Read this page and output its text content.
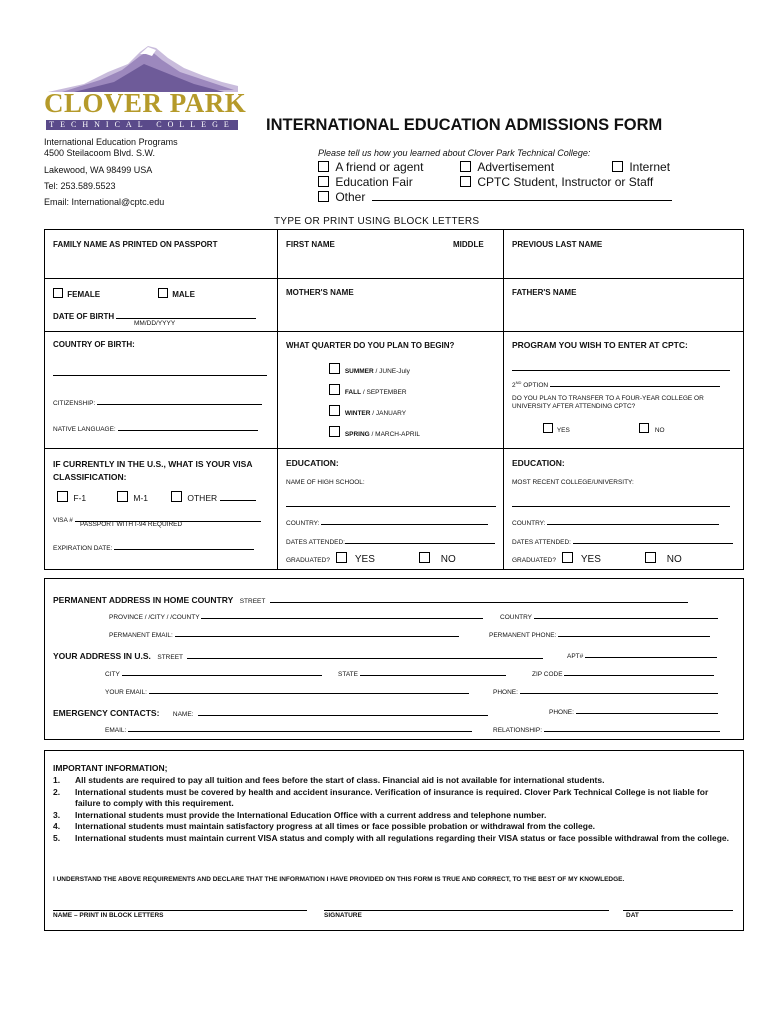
CLOVER PARK
TECHNICAL COLLEGE
International Education Programs
4500 Steilacoom Blvd. S.W.
Lakewood, WA 98499 USA
Tel: 253.589.5523
Email: International@cptc.edu
INTERNATIONAL EDUCATION ADMISSIONS FORM
Please tell us how you learned about Clover Park Technical College:
A friend or agent
Education Fair
Other
Advertisement
CPTC Student, Instructor or Staff
Internet
TYPE OR PRINT USING BLOCK LETTERS
FAMILY NAME AS PRINTED ON PASSPORT	FIRST NAME	MIDDLE	PREVIOUS LAST NAME
FEMALE	MALE
DATE OF BIRTH
MM/DD/YYYY
MOTHER'S NAME	FATHER'S NAME
COUNTRY OF BIRTH:
CITIZENSHIP:
NATIVE LANGUAGE:
WHAT QUARTER DO YOU PLAN TO BEGIN?
SUMMER / JUNE-July
FALL / SEPTEMBER
WINTER / JANUARY
SPRING / MARCH-APRIL
PROGRAM YOU WISH TO ENTER AT CPTC:
2ND OPTION
DO YOU PLAN TO TRANSFER TO A FOUR-YEAR COLLEGE OR UNIVERSITY AFTER ATTENDING CPTC?
YES	NO
IF CURRENTLY IN THE U.S., WHAT IS YOUR VISA CLASSIFICATION:
F-1	M-1	OTHER
VISA #
PASSPORT WITH I-94 REQUIRED
EXPIRATION DATE:
EDUCATION:
NAME OF HIGH SCHOOL:
COUNTRY:
DATES ATTENDED:
GRADUATED? YES	NO
EDUCATION:
MOST RECENT COLLEGE/UNIVERSITY:
COUNTRY:
DATES ATTENDED:
GRADUATED? YES	NO
PERMANENT ADDRESS IN HOME COUNTRY STREET
PROVINCE / /CITY / /COUNTY	COUNTRY
PERMANENT EMAIL:	PERMANENT PHONE:
YOUR ADDRESS IN U.S. STREET	APT#
CITY	STATE	ZIP CODE
YOUR EMAIL:	PHONE:
EMERGENCY CONTACTS: NAME:	PHONE:
EMAIL:	RELATIONSHIP:
IMPORTANT INFORMATION;
1.	All students are required to pay all tuition and fees before the start of class. Financial aid is not available for international students.
2.	International students must be covered by health and accident insurance. Verification of insurance is required. Clover Park Technical College is not liable for failure to comply with this requirement.
3.	International students must provide the International Education Office with a current address and telephone number.
4.	International students must maintain satisfactory progress at all times or face possible probation or withdrawal from the college.
5.	International students must maintain current VISA status and comply with all regulations regarding their VISA status or face possible withdrawal from the college.
I UNDERSTAND THE ABOVE REQUIREMENTS AND DECLARE THAT THE INFORMATION I HAVE PROVIDED ON THIS FORM IS TRUE AND CORRECT, TO THE BEST OF MY KNOWLEDGE.
NAME – PRINT IN BLOCK LETTERS	SIGNATURE	DAT
